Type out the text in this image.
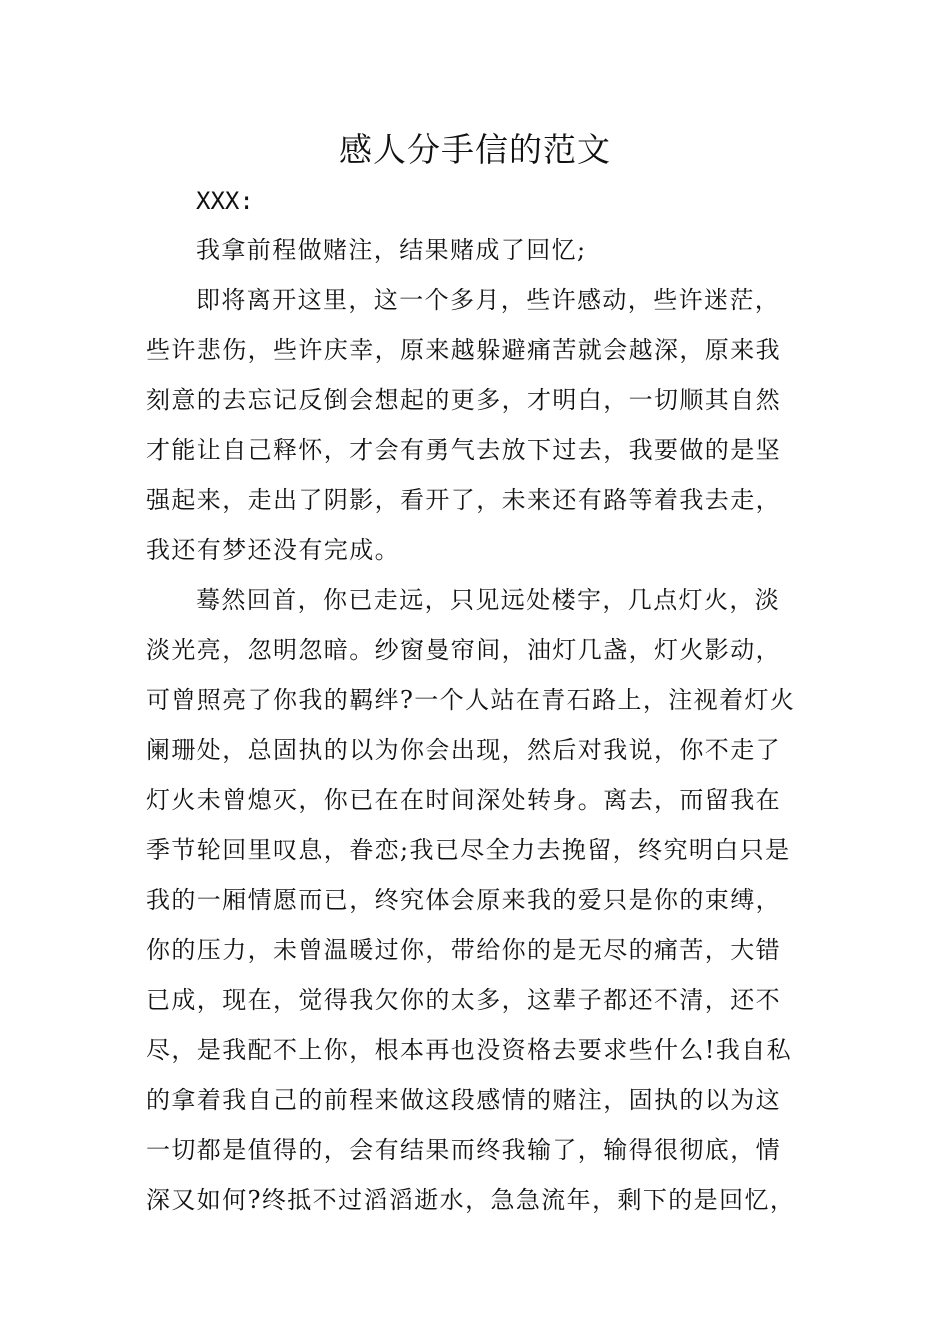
感人分手信的范文
XXX:
我拿前程做赌注，结果赌成了回忆;
即将离开这里，这一个多月，些许感动，些许迷茫，
些许悲伤，些许庆幸，原来越躲避痛苦就会越深，原来我
刻意的去忘记反倒会想起的更多，才明白，一切顺其自然
才能让自己释怀，才会有勇气去放下过去，我要做的是坚
强起来，走出了阴影，看开了，未来还有路等着我去走，
我还有梦还没有完成。
蓦然回首，你已走远，只见远处楼宇，几点灯火，淡
淡光亮，忽明忽暗。纱窗曼帘间，油灯几盏，灯火影动，
可曾照亮了你我的羁绊?一个人站在青石路上，注视着灯火
阑珊处，总固执的以为你会出现，然后对我说，你不走了
灯火未曾熄灭，你已在在时间深处转身。离去，而留我在
季节轮回里叹息，眷恋;我已尽全力去挽留，终究明白只是
我的一厢情愿而已，终究体会原来我的爱只是你的束缚，
你的压力，未曾温暖过你，带给你的是无尽的痛苦，大错
已成，现在，觉得我欠你的太多，这辈子都还不清，还不
尽，是我配不上你，根本再也没资格去要求些什么!我自私
的拿着我自己的前程来做这段感情的赌注，固执的以为这
一切都是值得的，会有结果而终我输了，输得很彻底，情
深又如何?终抵不过滔滔逝水，急急流年，剩下的是回忆，
